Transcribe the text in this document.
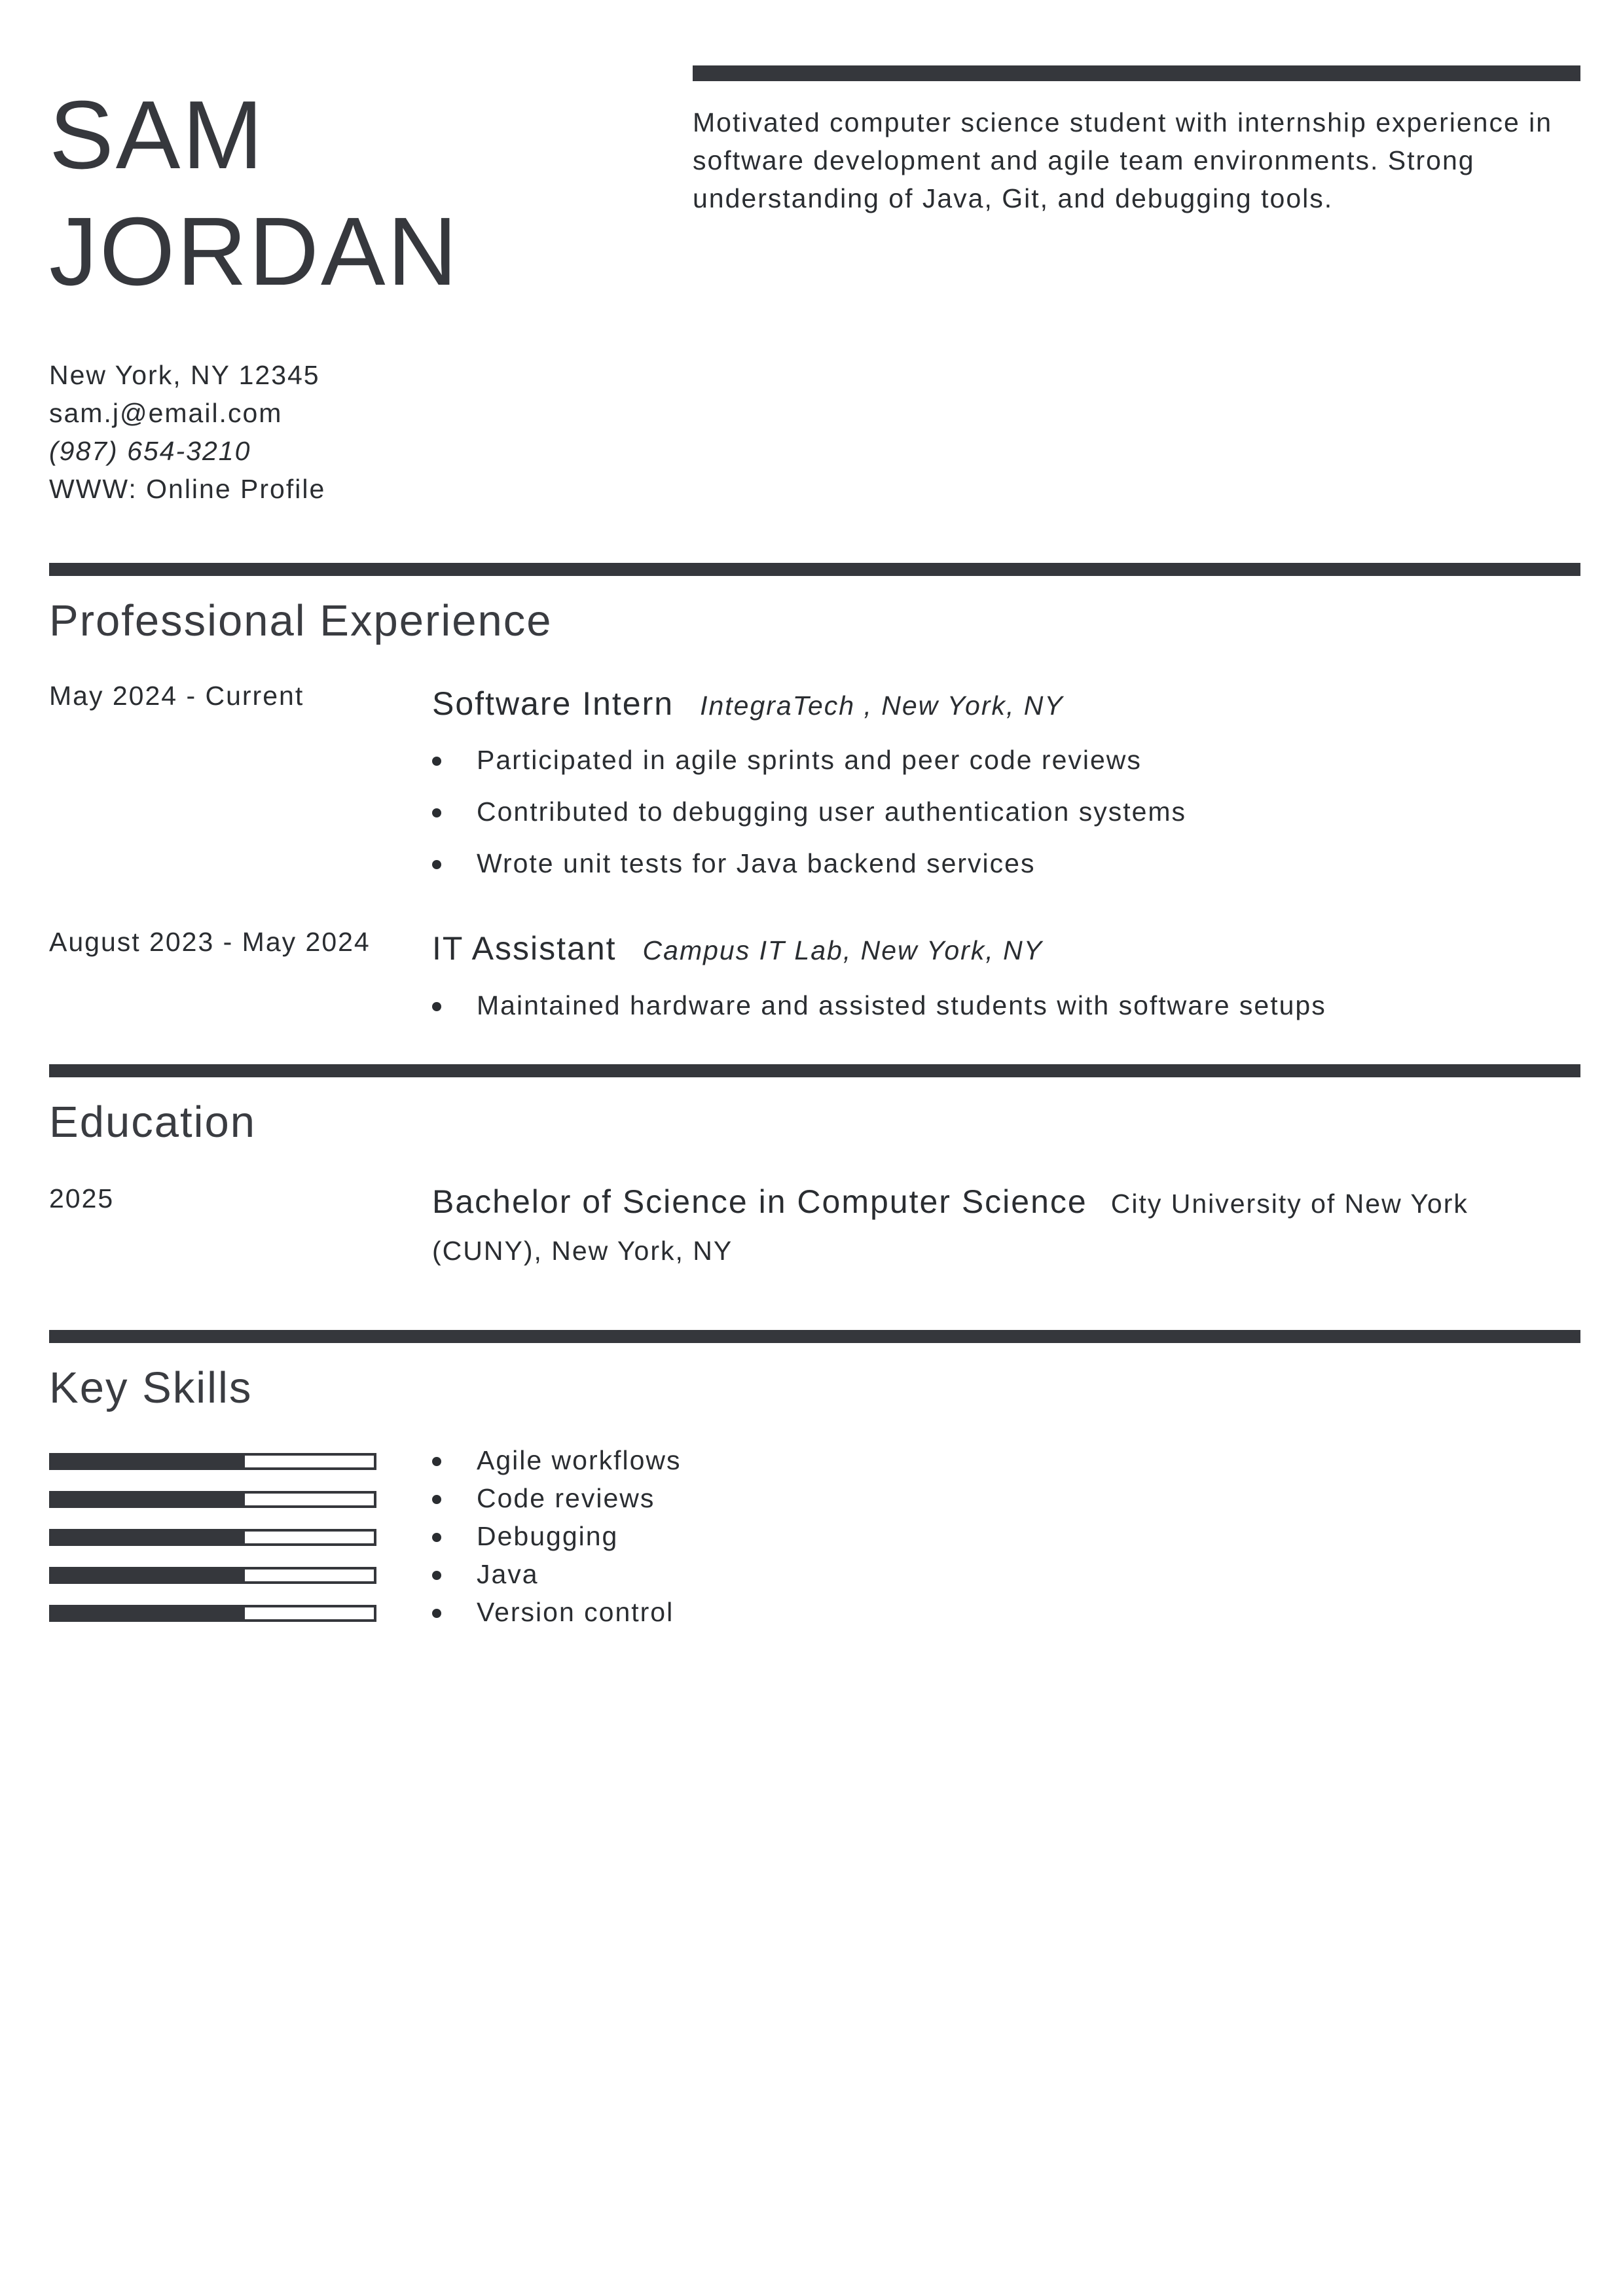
SAM
JORDAN
Motivated computer science student with internship experience in software development and agile team environments. Strong understanding of Java, Git, and debugging tools.
New York, NY 12345
sam.j@email.com
(987) 654-3210
WWW: Online Profile
Professional Experience
May 2024 - Current	Software Intern IntegraTech , New York, NY
Participated in agile sprints and peer code reviews
Contributed to debugging user authentication systems
Wrote unit tests for Java backend services
August 2023 - May 2024 IT Assistant Campus IT Lab, New York, NY
Maintained hardware and assisted students with software setups
Education
2025	Bachelor of Science in Computer Science City University of New York (CUNY), New York, NY
Key Skills
Agile workflows
Code reviews
Debugging
Java
Version control
